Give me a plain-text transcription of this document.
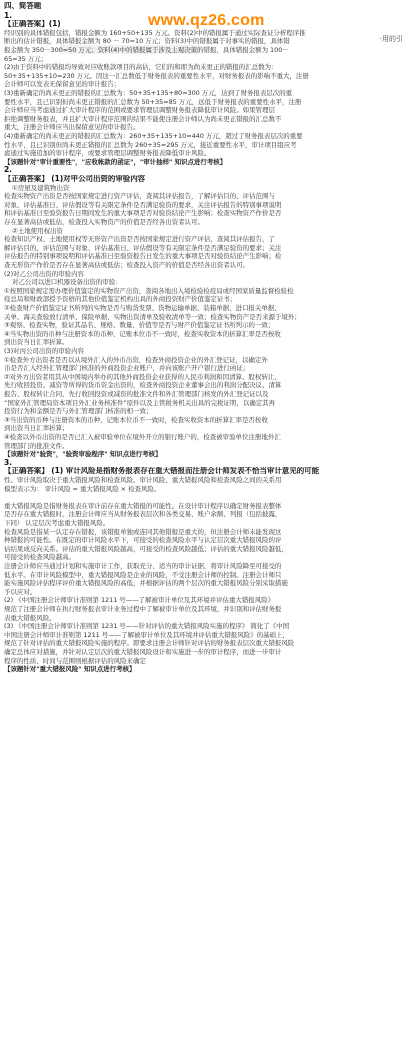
www.qz26.com
·用的引
四、简答题
1.
【正确答案】(1)
经识别的具体错报包括，错报金额为 160+50+135 万元。资料(2)中的错报属于通过实际查证分析程序推
断出的估计错报，具体错报金额为 80 － 70=10 万元；资料(3)中的错报属于对事实的错报，具体错
报金额为 350－300=50 万元；资料(4)中的错报属于涉及主观决策的错报，具体错报金额为 100－
65=35 万元；
(2)由于资料中的错报均导致对应收账款项目的高估，它们的和即为尚未更正的错报的汇总数为：
50+35+135+10=230 万元。因这一汇总数低于财务报表的重要性水平，对财务报表的影响不重大，注册
会计师可以发表无保留意见的审计报告；
(3)重新确定的尚未更正的错报的汇总数为：50+35+135+80=300 万元，达到了财务报表层次的重
要性水平，且已识别但尚未更正错报的汇总数为 50+35=85 万元，远低于财务报表的重要性水平，注册
会计师应当考虑通过扩大审计程序的范围或要求管理层调整财务报表降低审计风险。如果管理层
拒绝调整财务报表，并且扩大审计程序范围的结果不能使注册会计师认为尚未更正错报的汇总数不
重大，注册会计师应当出保留意见的审计报告。
(4)重新确定的尚未更正的错报的汇总数为：260+35+135+10=440 万元，超过了财务报表层次的重要
性水平，且已识别但尚未更正错报的汇总数为 260+35=295 万元，接近重要性水平，审计项目组应考
虑通过实施追加的审计程序，或要求管理层调整财务报表降低审计风险。
【该题针对"审计重要性"，"应收帐款的函证"，"审计抽样" 知识点进行考核】
2.
【正确答案】 (1)对甲公司出资的审验内容
①房屋及建筑物出资
检查实物资产出资是否按国家规定进行资产评估，查阅其评估报告，了解评估目的、评估范围与
对象、评估基准日、评估假设等有关限定条件是否满足验资的要求，关注评估报告的特别事项说明
和评估基准日至验资报告日期间发生的重大事项是否对验资结论产生影响；检查实物资产作价是否
存在显著高估或低估，检查投入实物资产的价值是否经各出资者认可。
②土地使用权出资
检查知识产权、土地使用权等无形资产出资是否按国家规定进行资产评估，查阅其评估报告，了
解评估目的、评估范围与对象、评估基准日、评估假设等有关限定条件是否满足验资的要求；关注
评估报告的特别事项说明和评估基准日至验资报告日发生的重大事项是否对验资结论产生影响；检
查无形资产作价是否存在显著高估或低估；检查投入资产的价值是否经各出资者认可。
(2)对乙公司出资的审验内容
对乙公司以进口机器设备出资的审验：
①按照国家规定需办理价值鉴定的实物资产出资，查阅各地出入境检验检疫局或经国家质量监督检验检
疫总局和财政部授予资格的其他价值鉴定机构出具的外商投资财产价值鉴定证书；
②检查财产价值鉴定证书所列的实物是否与购货发票、货物运输单据、装箱单据、进口报关单据、
关单、海关查验放行清单、保险单据、实物出资清单及验收清单等一致；检查实物资产是否来源于境外；
③观察、检查实物，验证其品名、规格、数量、价值等是否与财产价值鉴定证书所列示的一致；
④当实物出资的币种与注册资本的币种、记账本位币不一致时，检查实收资本的折算汇率是否按收
到出资当日汇率折算。
(3)对丙公司出资的审验内容
①检查外方出资者是否以从境外汇入的外币出资，检查外商投资企业的外汇登记证，以确定外
币是否汇入经外汇管理部门核准的外商投资企业账户，并向该账户开户银行进行函证；
②对外方出资者用其从中国境内举办的其他外商投资企业获得的人民币利润和因清算、股权转让、
先行收回投资、减资等所得的货币资金出资的，检查外商投资企业董事会出的利润分配决议、清算
报告、股权转让合同、先行收回投资或减资的批准文件和外汇管理部门核发的外汇登记证以及
“国家外汇管理局资本项目外汇业务核准件”原件以及主管税务机关出具的完税证明，以确定其再
投资行为和金额是否与外汇管理部门核准的相一致；
③当出资的币种与注册资本的币种、记账本位币不一致时，检查实收资本的折算汇率是否按收
到出资当日汇率折算；
④检查以外币出资的是否已汇入被审验单位在境外开立的银行账户的，检查被审验单位注册地外汇
管理部门的批准文件。
【该题针对"验资"，"验资审验程序" 知识点进行考核】
3.
【正确答案】 (1) 审计风险是指财务报表存在重大错报而注册会计师发表不恰当审计意见的可能
性。审计风险取决于重大错报风险和检查风险。审计风险、重大错报风险和检查风险之间的关系用
模型表示为： 审计风险 = 重大错报风险 × 检查风险。
重大错报风险是指财务报表在审计前存在重大错报的可能性。在设计审计程序以确定财务报表整体
是否存在重大错报时，注册会计师应当从财务报表层次和各类交易、账户余额、列报（包括披露，
下同） 认定层次考虑重大错报风险。
检查风险是指某一认定存在错报，该错报单独或连同其他错报是重大的，但注册会计师未能发现这
种错报的可能性。在既定的审计风险水平下，可接受的检查风险水平与认定层次重大错报风险的评
估结果成反向关系。评估的重大错报风险越高，可接受的检查风险越低；评估的重大错报风险越低，
可接受的检查风险越高。
注册会计师应当通过计划和实施审计工作，获取充分、适当的审计证据，将审计风险降至可接受的
低水平。在审计风险模型中，重大错报风险是企业的风险，不受注册会计师的控制。注册会计师只
能实施风险评估程序评价重大错报风险的高低，并根据评估的两个层次的重大错报风险分别采取措施
予以应对。
(2) 《中国注册会计师审计准则第 1211 号——了解被审计单位及其环境并评估重大错报风险》
规范了注册会计师在执行财务报表审计业务过程中了解被审计单位及其环境，并识别和评估财务报
表重大错报风险。
(3) 《中国注册会计师审计准则第 1231 号——针对评估的重大错报风险实施的程序》 简化了《中国
中国注册会计师审计准则第 1211 号——了解被审计单位及其环境并评估重大错报风险》的基础上，
规范了针对评估的重大错报风险实施的程序。即要求注册会计师针对评估的财务报表层次重大错报风险
确定总体应对措施，并针对认定层次的重大错报风险设计和实施进一步的审计程序，而进一步审计
程序的性质、时间与范围则根据评估的风险来确定
【该题针对"重大错报风险" 知识点进行考核】
